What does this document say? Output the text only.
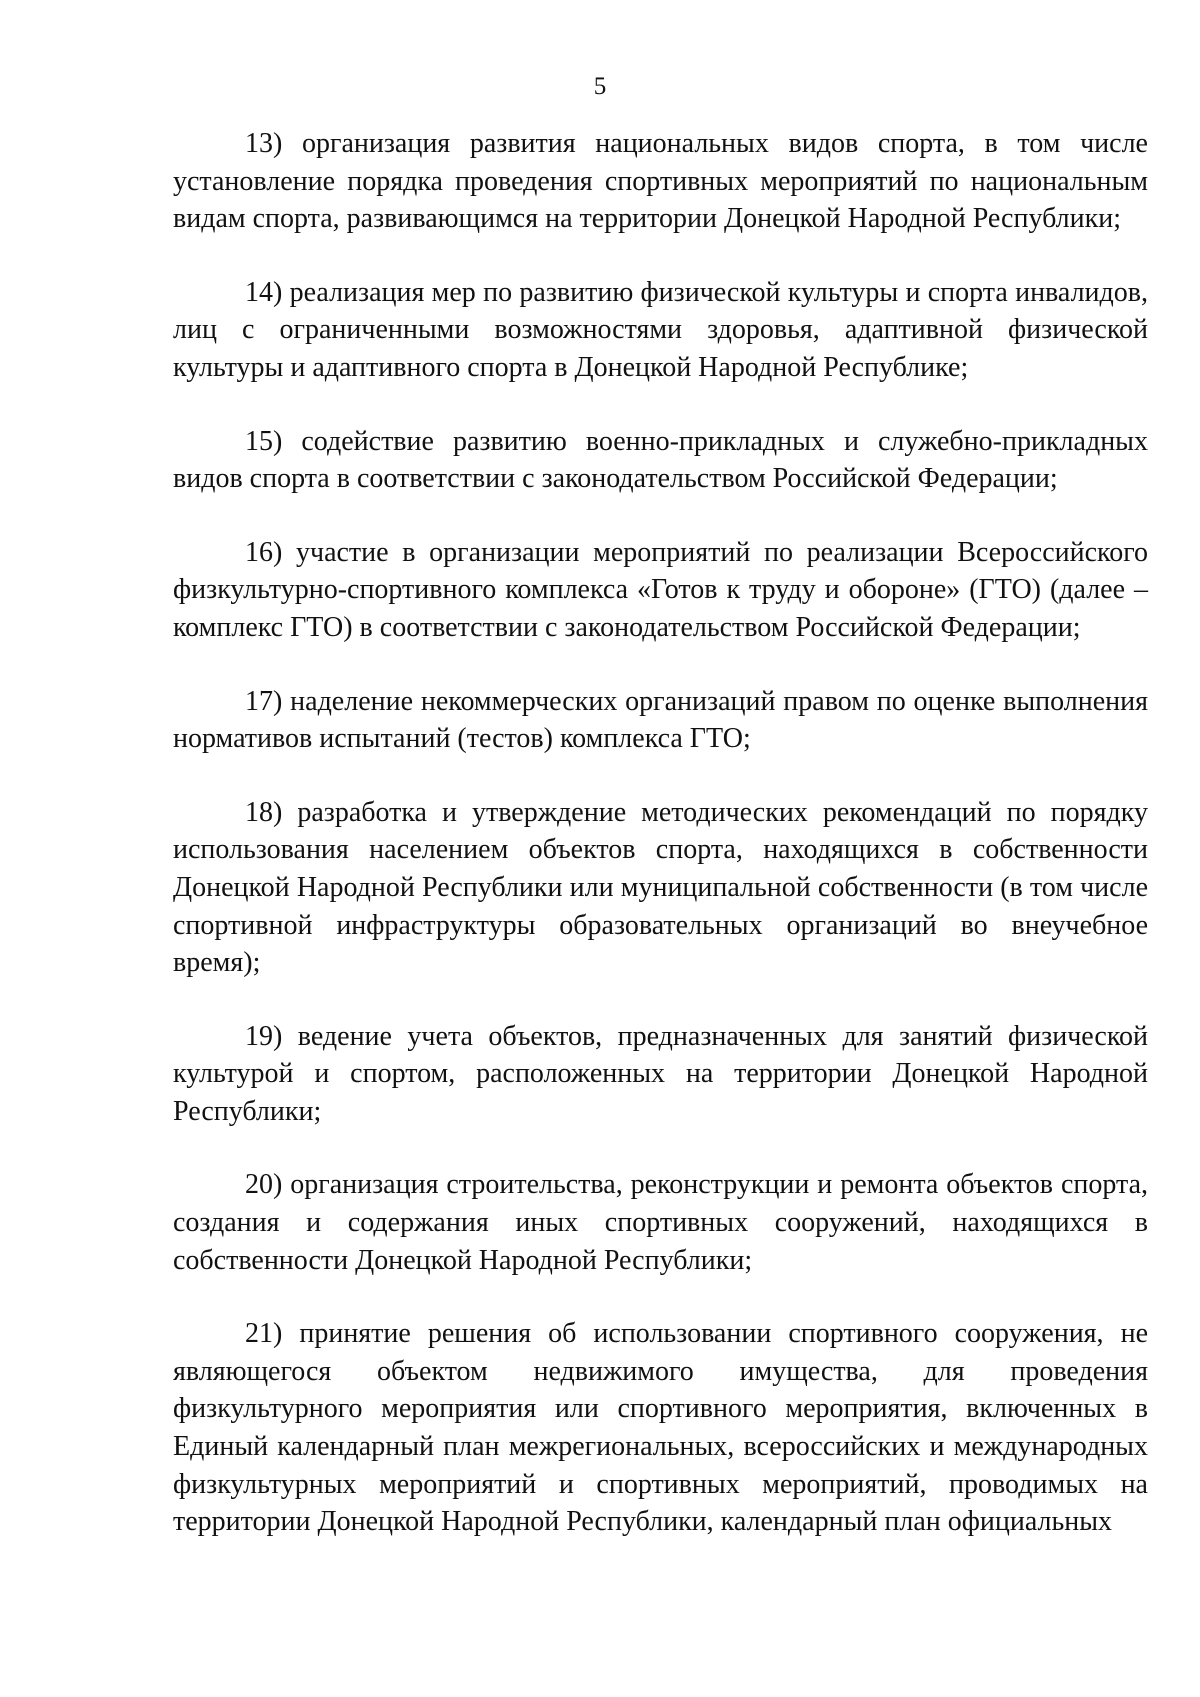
5

13) организация развития национальных видов спорта, в том числе установление порядка проведения спортивных мероприятий по национальным видам спорта, развивающимся на территории Донецкой Народной Республики;

14) реализация мер по развитию физической культуры и спорта инвалидов, лиц с ограниченными возможностями здоровья, адаптивной физической культуры и адаптивного спорта в Донецкой Народной Республике;

15) содействие развитию военно-прикладных и служебно-прикладных видов спорта в соответствии с законодательством Российской Федерации;

16) участие в организации мероприятий по реализации Всероссийского физкультурно-спортивного комплекса «Готов к труду и обороне» (ГТО) (далее – комплекс ГТО) в соответствии с законодательством Российской Федерации;

17) наделение некоммерческих организаций правом по оценке выполнения нормативов испытаний (тестов) комплекса ГТО;

18) разработка и утверждение методических рекомендаций по порядку использования населением объектов спорта, находящихся в собственности Донецкой Народной Республики или муниципальной собственности (в том числе спортивной инфраструктуры образовательных организаций во внеучебное время);

19) ведение учета объектов, предназначенных для занятий физической культурой и спортом, расположенных на территории Донецкой Народной Республики;

20) организация строительства, реконструкции и ремонта объектов спорта, создания и содержания иных спортивных сооружений, находящихся в собственности Донецкой Народной Республики;

21) принятие решения об использовании спортивного сооружения, не являющегося объектом недвижимого имущества, для проведения физкультурного мероприятия или спортивного мероприятия, включенных в Единый календарный план межрегиональных, всероссийских и международных физкультурных мероприятий и спортивных мероприятий, проводимых на территории Донецкой Народной Республики, календарный план официальных
